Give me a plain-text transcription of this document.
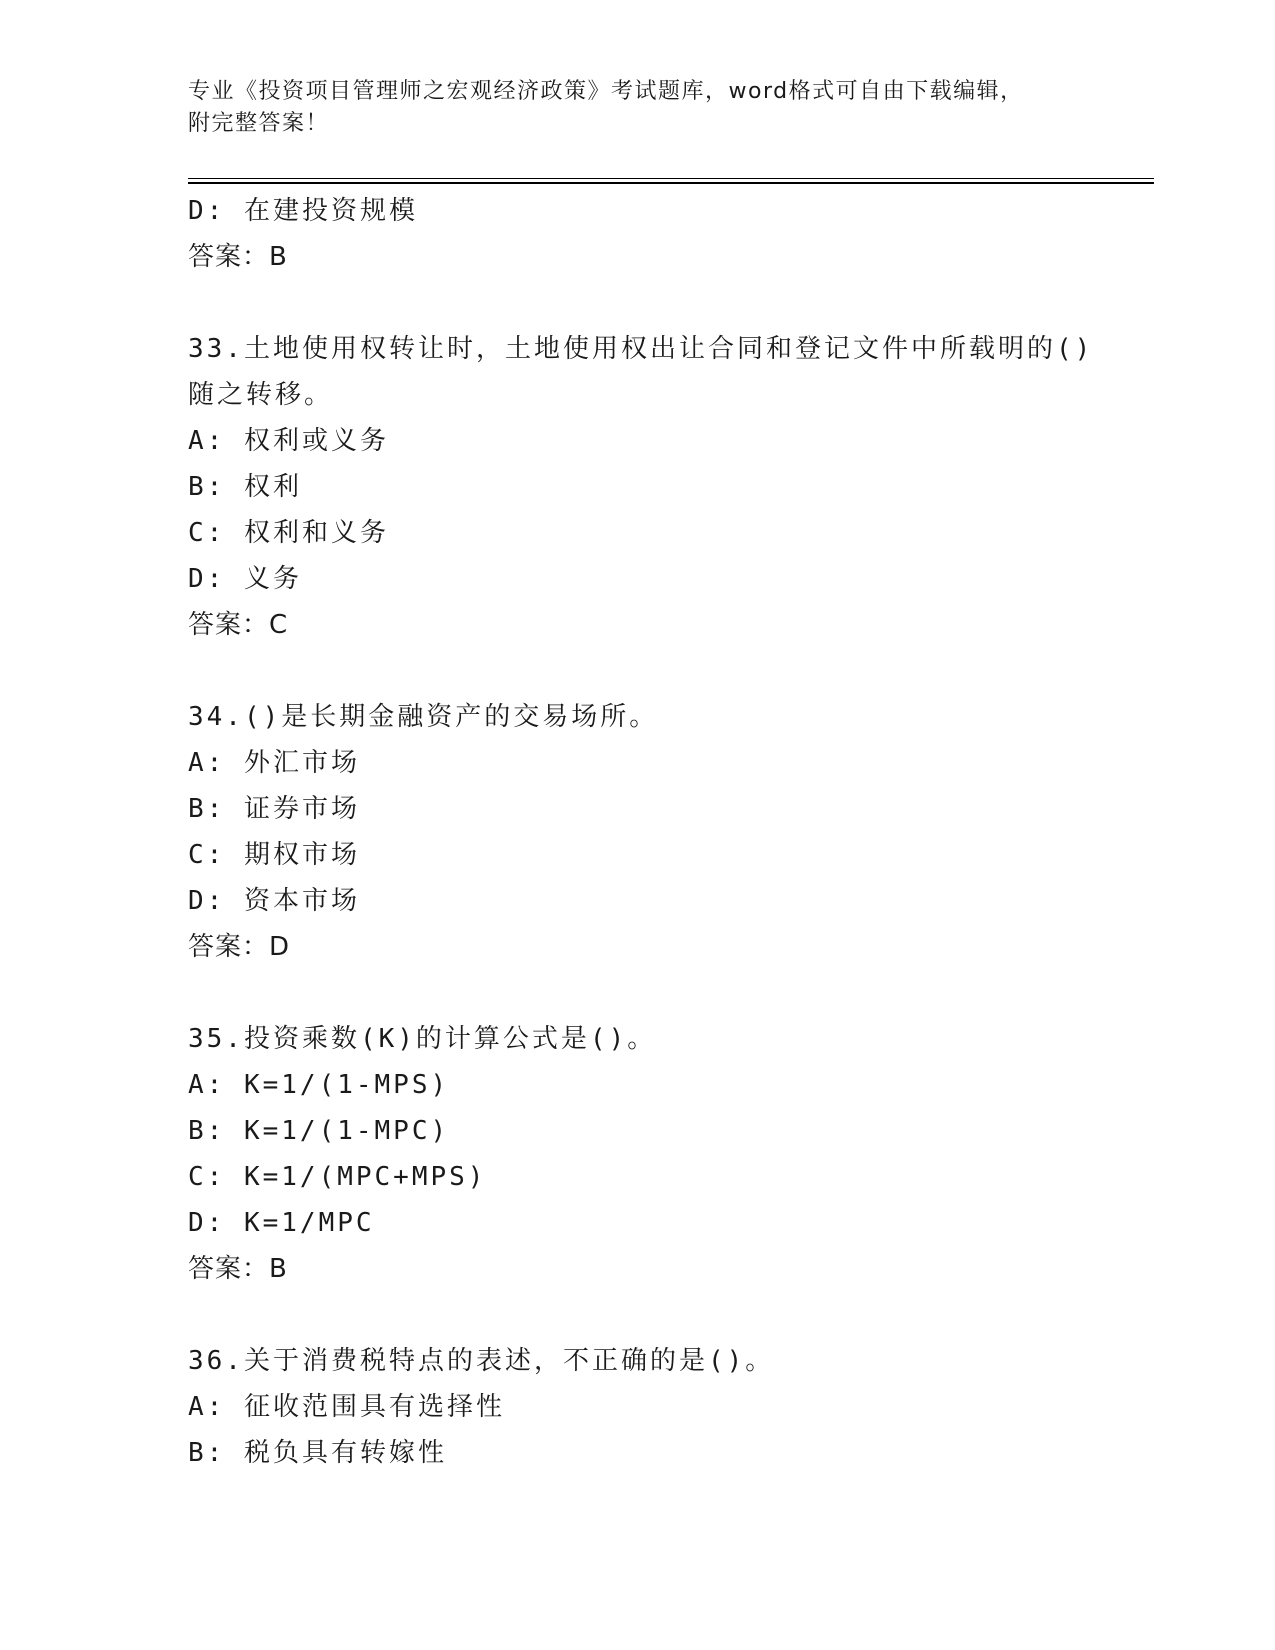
专业《投资项目管理师之宏观经济政策》考试题库，word格式可自由下载编辑，
附完整答案！
D: 在建投资规模
答案：B
33.土地使用权转让时，土地使用权出让合同和登记文件中所载明的()
随之转移。
A: 权利或义务
B: 权利
C: 权利和义务
D: 义务
答案：C
34.()是长期金融资产的交易场所。
A: 外汇市场
B: 证券市场
C: 期权市场
D: 资本市场
答案：D
35.投资乘数(K)的计算公式是()。
A: K=1/(1-MPS)
B: K=1/(1-MPC)
C: K=1/(MPC+MPS)
D: K=1/MPC
答案：B
36.关于消费税特点的表述，不正确的是()。
A: 征收范围具有选择性
B: 税负具有转嫁性
